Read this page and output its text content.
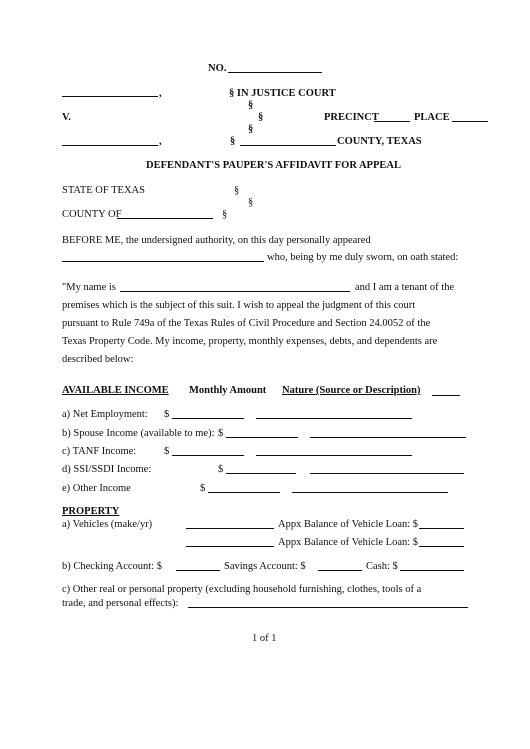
NO.
,	§ IN JUSTICE COURT
§
V.	§	PRECINCT	PLACE
§
,	§	COUNTY, TEXAS
DEFENDANT'S PAUPER'S AFFIDAVIT FOR APPEAL
STATE OF TEXAS	§
§
COUNTY OF	§
BEFORE ME, the undersigned authority, on this day personally appeared
who, being by me duly sworn, on oath stated:
"My name is	and I am a tenant of the
premises which is the subject of this suit. I wish to appeal the judgment of this court
pursuant to Rule 749a of the Texas Rules of Civil Procedure and Section 24.0052 of the
Texas Property Code. My income, property, monthly expenses, debts, and dependents are
described below:
AVAILABLE INCOME Monthly Amount Nature (Source or Description)
a) Net Employment: $
b) Spouse Income (available to me): $
c) TANF Income:	$
d) SSI/SSDI Income:	$
e) Other Income	$
PROPERTY
a) Vehicles (make/yr)	Appx Balance of Vehicle Loan: $
Appx Balance of Vehicle Loan: $
b) Checking Account: $	Savings Account: $	Cash: $
c) Other real or personal property (excluding household furnishing, clothes, tools of a
trade, and personal effects):
1 of 1
